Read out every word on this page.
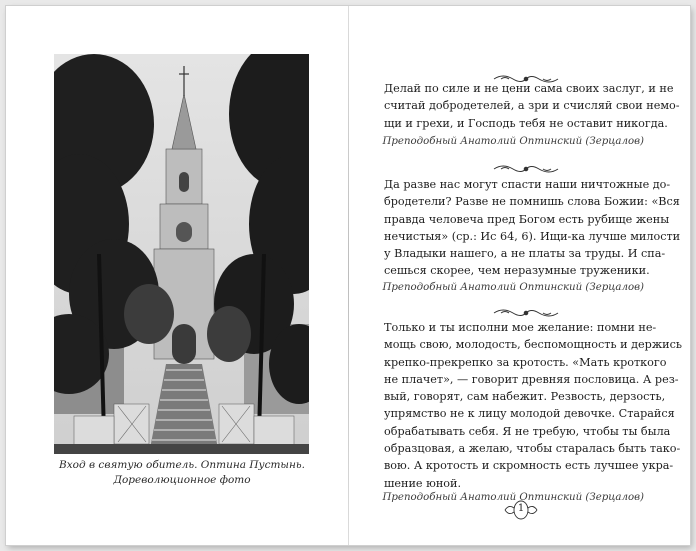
Вход в святую обитель. Оптина Пустынь.
Дореволюционное фото
Делай по силе и не цени сама своих заслуг, и не
считай добродетелей, а зри и счисляй свои немо-
щи и грехи, и Господь тебя не оставит никогда.
Преподобный Анатолий Оптинский (Зерцалов)
Да разве нас могут спасти наши ничтожные до-
бродетели? Разве не помнишь слова Божии: «Вся
правда человеча пред Богом есть рубище жены
нечистыя» (ср.: Ис 64, 6). Ищи-ка лучше милости
у Владыки нашего, а не платы за труды. И спа-
сешься скорее, чем неразумные труженики.
Преподобный Анатолий Оптинский (Зерцалов)
Только и ты исполни мое желание: помни не-
мощь свою, молодость, беспомощность и держись
крепко-прекрепко за кротость. «Мать кроткого
не плачет», — говорит древняя пословица. А рез-
вый, говорят, сам набежит. Резвость, дерзость,
упрямство не к лицу молодой девочке. Старайся
обрабатывать себя. Я не требую, чтобы ты была
образцовая, а желаю, чтобы старалась быть тако-
вою. А кротость и скромность есть лучшее укра-
шение юной.
Преподобный Анатолий Оптинский (Зерцалов)
1
